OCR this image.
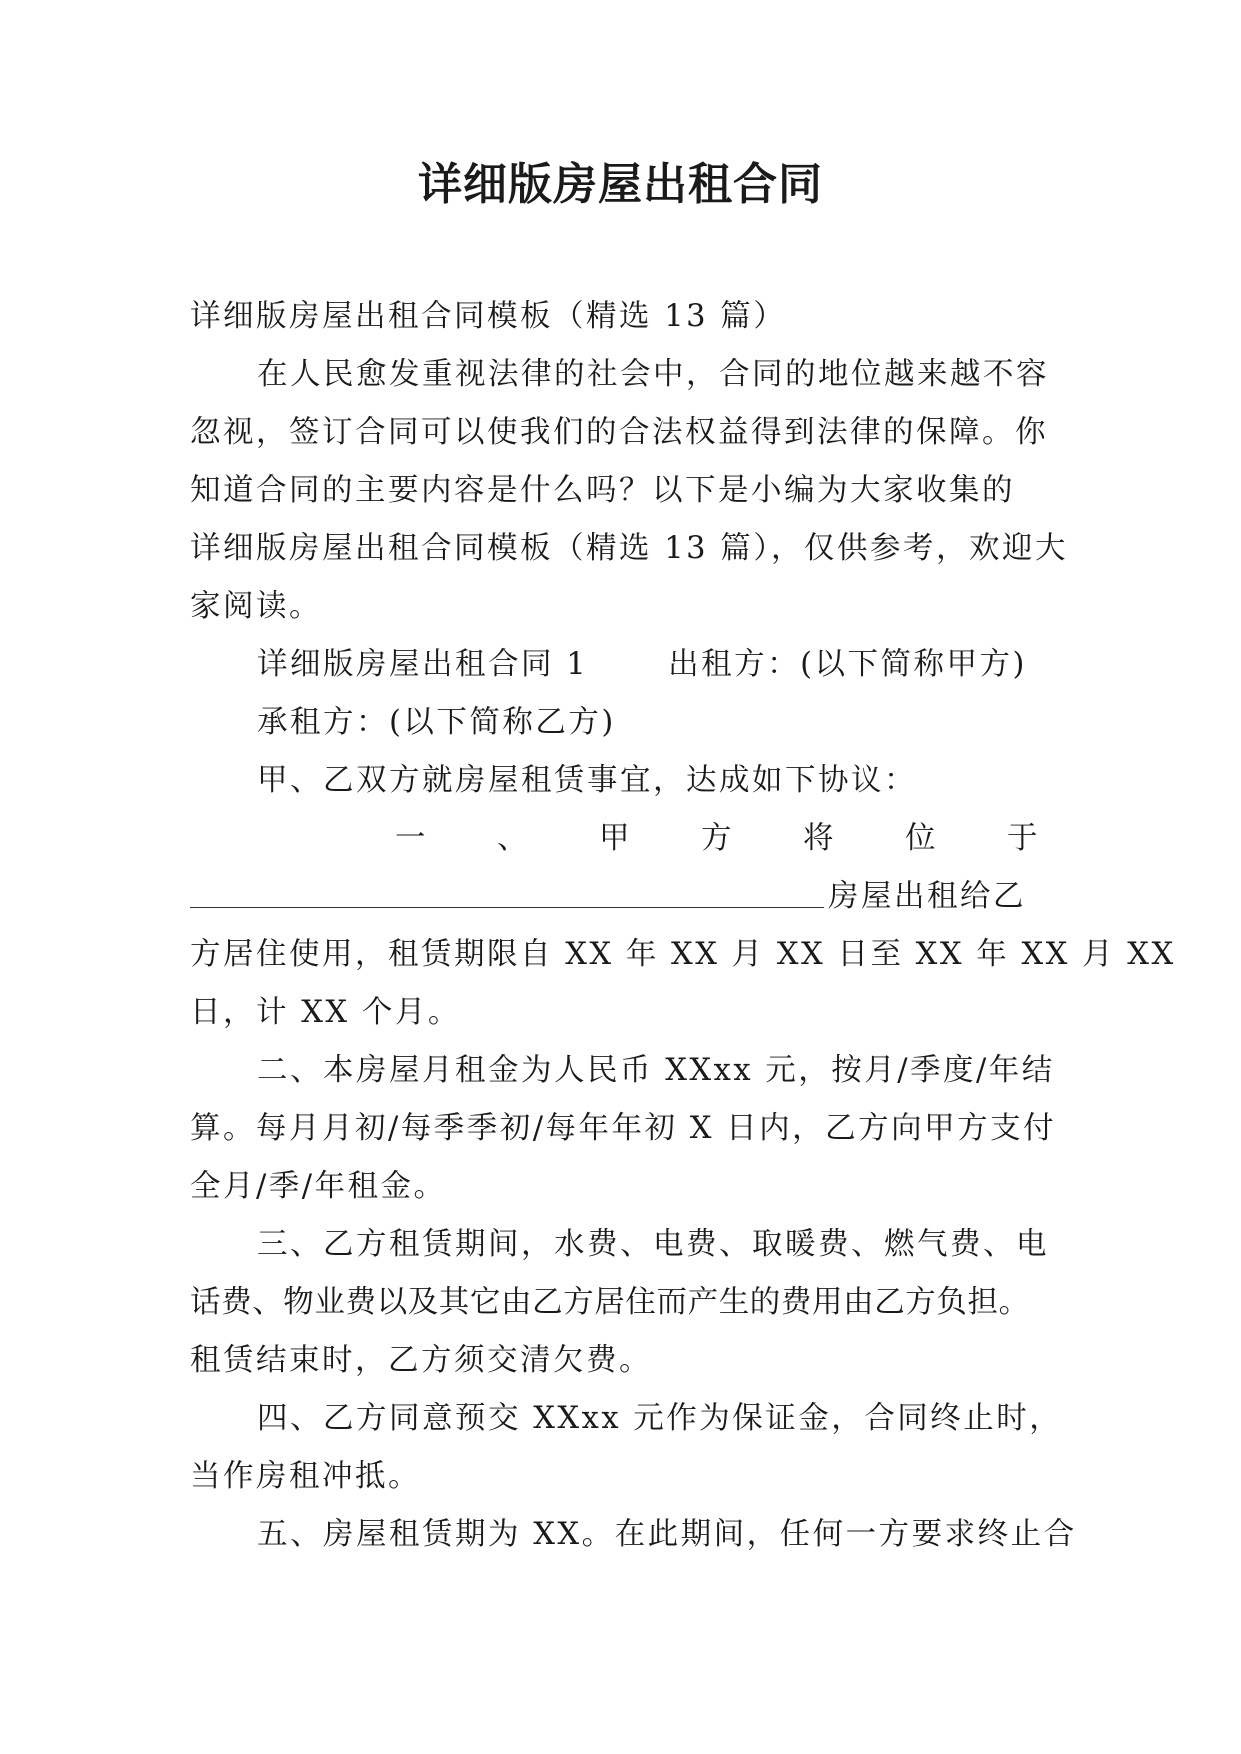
详细版房屋出租合同
详细版房屋出租合同模板（精选 13 篇）
在人民愈发重视法律的社会中，合同的地位越来越不容
忽视，签订合同可以使我们的合法权益得到法律的保障。你
知道合同的主要内容是什么吗？以下是小编为大家收集的
详细版房屋出租合同模板（精选 13 篇），仅供参考，欢迎大
家阅读。
详细版房屋出租合同 1	出租方：(以下简称甲方)
承租方：(以下简称乙方)
甲、乙双方就房屋租赁事宜，达成如下协议：
一 、 甲 方 将 位 于
房屋出租给乙
方居住使用，租赁期限自 XX 年 XX 月 XX 日至 XX 年 XX 月 XX
日，计 XX 个月。
二、本房屋月租金为人民币 XXxx 元，按月/季度/年结
算。每月月初/每季季初/每年年初 X 日内，乙方向甲方支付
全月/季/年租金。
三、乙方租赁期间，水费、电费、取暖费、燃气费、电
话费、物业费以及其它由乙方居住而产生的费用由乙方负担。
租赁结束时，乙方须交清欠费。
四、乙方同意预交 XXxx 元作为保证金，合同终止时，
当作房租冲抵。
五、房屋租赁期为 XX。在此期间，任何一方要求终止合
